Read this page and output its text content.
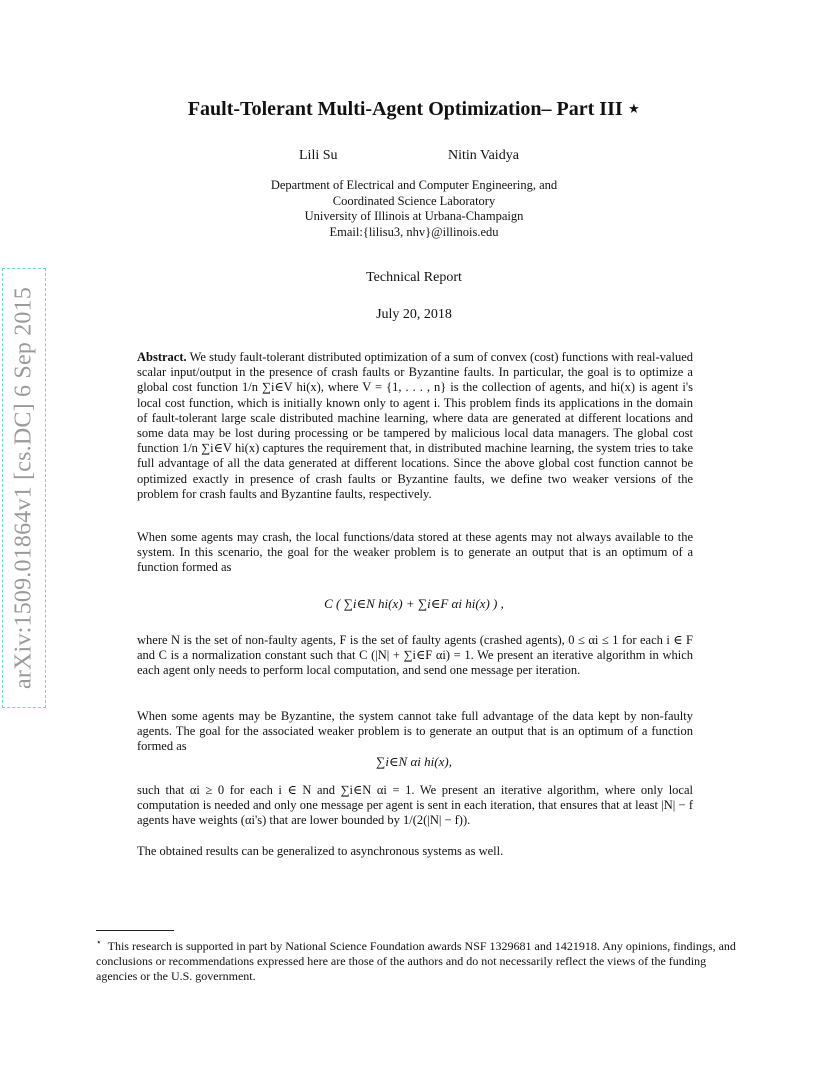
arXiv:1509.01864v1 [cs.DC] 6 Sep 2015
Fault-Tolerant Multi-Agent Optimization– Part III ⋆
Lili Su	Nitin Vaidya
Department of Electrical and Computer Engineering, and
Coordinated Science Laboratory
University of Illinois at Urbana-Champaign
Email:{lilisu3, nhv}@illinois.edu
Technical Report
July 20, 2018
Abstract. We study fault-tolerant distributed optimization of a sum of convex (cost) functions with real-valued scalar input/output in the presence of crash faults or Byzantine faults. In particular, the goal is to optimize a global cost function 1/n ∑i∈V hi(x), where V = {1, . . . , n} is the collection of agents, and hi(x) is agent i's local cost function, which is initially known only to agent i. This problem finds its applications in the domain of fault-tolerant large scale distributed machine learning, where data are generated at different locations and some data may be lost during processing or be tampered by malicious local data managers. The global cost function 1/n ∑i∈V hi(x) captures the requirement that, in distributed machine learning, the system tries to take full advantage of all the data generated at different locations. Since the above global cost function cannot be optimized exactly in presence of crash faults or Byzantine faults, we define two weaker versions of the problem for crash faults and Byzantine faults, respectively.
When some agents may crash, the local functions/data stored at these agents may not always available to the system. In this scenario, the goal for the weaker problem is to generate an output that is an optimum of a function formed as
C ( ∑i∈N hi(x) + ∑i∈F αi hi(x) ) ,
where N is the set of non-faulty agents, F is the set of faulty agents (crashed agents), 0 ≤ αi ≤ 1 for each i ∈ F and C is a normalization constant such that C (|N| + ∑i∈F αi) = 1. We present an iterative algorithm in which each agent only needs to perform local computation, and send one message per iteration.
When some agents may be Byzantine, the system cannot take full advantage of the data kept by non-faulty agents. The goal for the associated weaker problem is to generate an output that is an optimum of a function formed as
∑i∈N αi hi(x),
such that αi ≥ 0 for each i ∈ N and ∑i∈N αi = 1. We present an iterative algorithm, where only local computation is needed and only one message per agent is sent in each iteration, that ensures that at least |N| − f agents have weights (αi's) that are lower bounded by 1/(2(|N| − f)).
The obtained results can be generalized to asynchronous systems as well.
⋆ This research is supported in part by National Science Foundation awards NSF 1329681 and 1421918. Any opinions, findings, and conclusions or recommendations expressed here are those of the authors and do not necessarily reflect the views of the funding agencies or the U.S. government.
